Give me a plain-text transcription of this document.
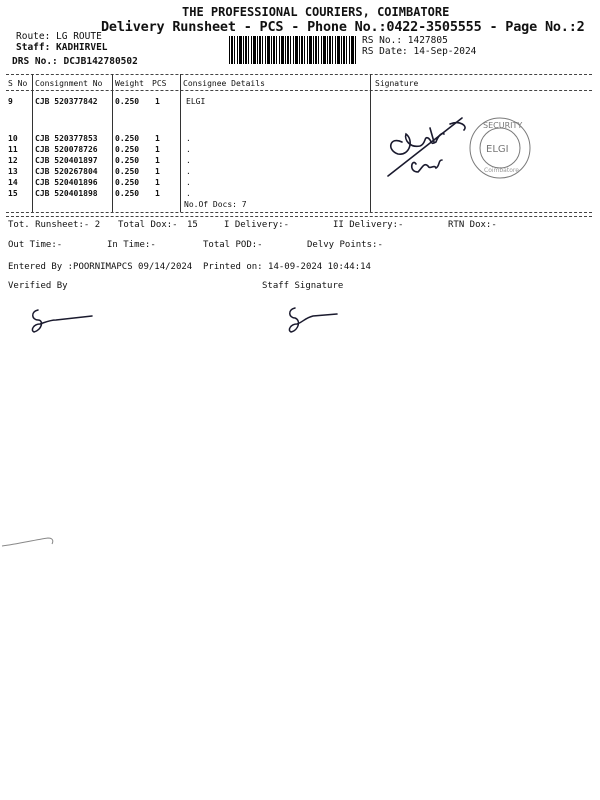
THE PROFESSIONAL COURIERS, COIMBATORE
Delivery Runsheet - PCS - Phone No.:0422-3505555 - Page No.:2
Route: LG ROUTE
Staff: KADHIRVEL
DRS No.: DCJB142780502
RS No.: 1427805
RS Date: 14-Sep-2024
S No Consignment No Weight PCS Consignee Details	Signature
9	CJB 520377842 0.250 1	ELGI
10 CJB 520377853 0.250 1	.
11 CJB 520078726 0.250 1	.
12 CJB 520401897 0.250 1	.
13 CJB 520267804 0.250 1	.
14 CJB 520401896 0.250 1	.
15 CJB 520401898 0.250 1	.
No.Of Docs: 7
SECURITY
ELGI
Coimbatore
Tot. Runsheet:- 2 Total Dox:- 15	I Delivery:-	II Delivery:-	RTN Dox:-
Out Time:-	In Time:-	Total POD:-	Delvy Points:-
Entered By :POORNIMAPCS 09/14/2024 Printed on: 14-09-2024 10:44:14
Verified By	Staff Signature
